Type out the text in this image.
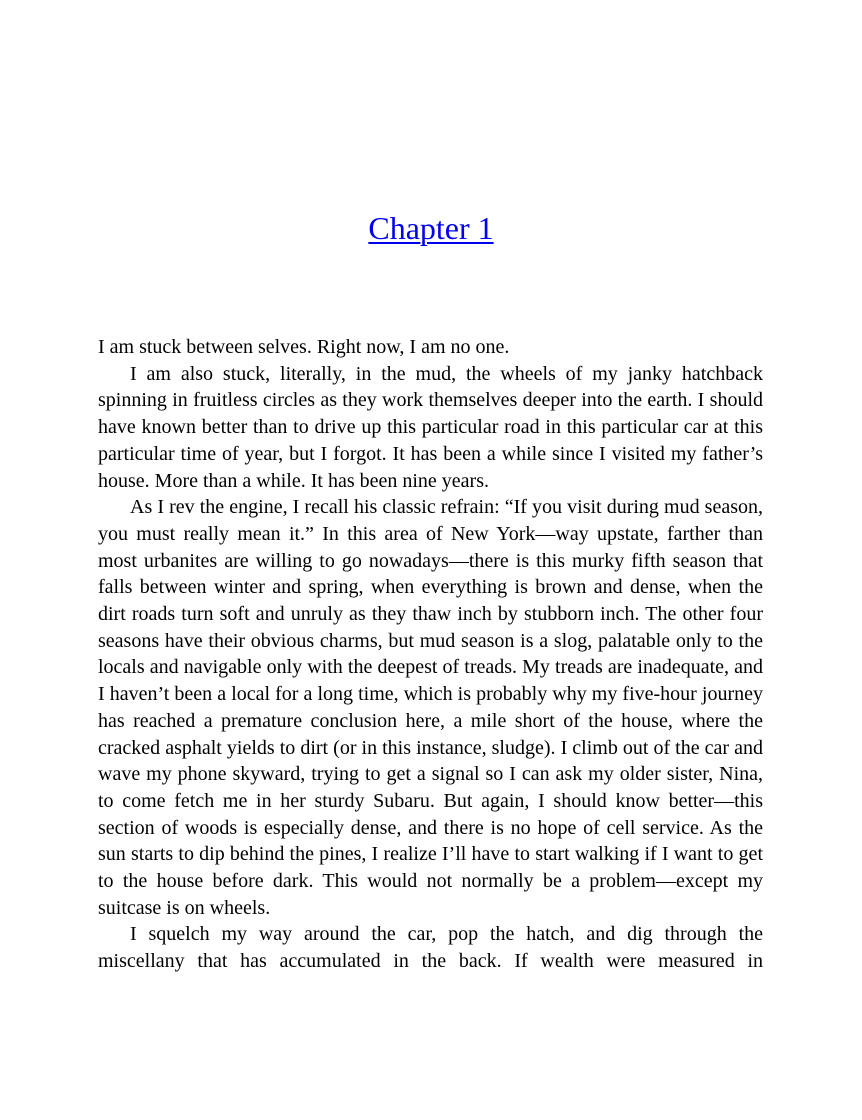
Chapter 1

I am stuck between selves. Right now, I am no one.

I am also stuck, literally, in the mud, the wheels of my janky hatchback spinning in fruitless circles as they work themselves deeper into the earth. I should have known better than to drive up this particular road in this particular car at this particular time of year, but I forgot. It has been a while since I visited my father’s house. More than a while. It has been nine years.

As I rev the engine, I recall his classic refrain: “If you visit during mud season, you must really mean it.” In this area of New York—way upstate, farther than most urbanites are willing to go nowadays—there is this murky fifth season that falls between winter and spring, when everything is brown and dense, when the dirt roads turn soft and unruly as they thaw inch by stubborn inch. The other four seasons have their obvious charms, but mud season is a slog, palatable only to the locals and navigable only with the deepest of treads. My treads are inadequate, and I haven’t been a local for a long time, which is probably why my five-hour journey has reached a premature conclusion here, a mile short of the house, where the cracked asphalt yields to dirt (or in this instance, sludge). I climb out of the car and wave my phone skyward, trying to get a signal so I can ask my older sister, Nina, to come fetch me in her sturdy Subaru. But again, I should know better—this section of woods is especially dense, and there is no hope of cell service. As the sun starts to dip behind the pines, I realize I’ll have to start walking if I want to get to the house before dark. This would not normally be a problem—except my suitcase is on wheels.

I squelch my way around the car, pop the hatch, and dig through the miscellany that has accumulated in the back. If wealth were measured in
